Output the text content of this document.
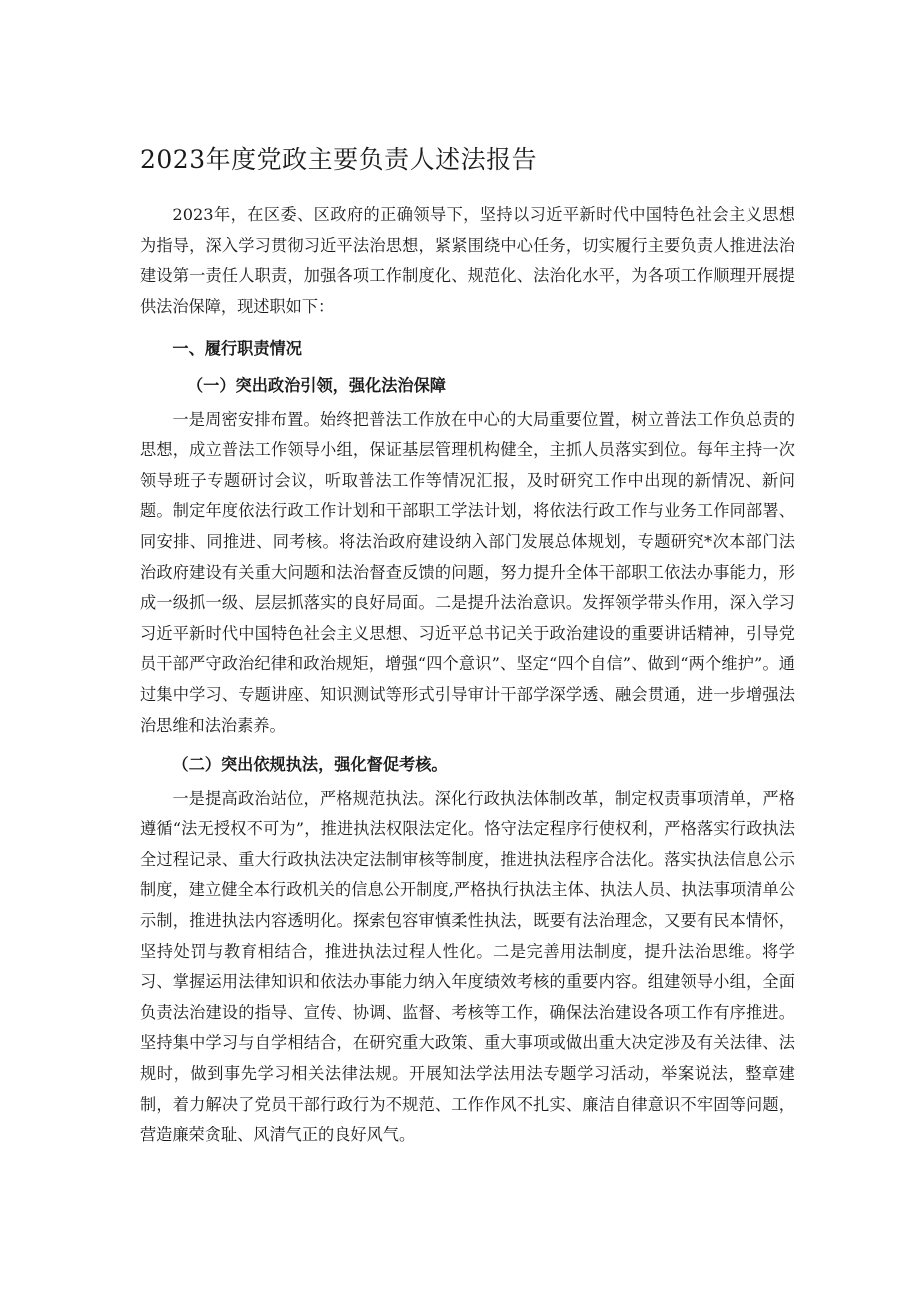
2023年度党政主要负责人述法报告

2023年，在区委、区政府的正确领导下，坚持以习近平新时代中国特色社会主义思想为指导，深入学习贯彻习近平法治思想，紧紧围绕中心任务，切实履行主要负责人推进法治建设第一责任人职责，加强各项工作制度化、规范化、法治化水平，为各项工作顺理开展提供法治保障，现述职如下：

一、履行职责情况

（一）突出政治引领，强化法治保障

一是周密安排布置。始终把普法工作放在中心的大局重要位置，树立普法工作负总责的思想，成立普法工作领导小组，保证基层管理机构健全，主抓人员落实到位。每年主持一次领导班子专题研讨会议，听取普法工作等情况汇报，及时研究工作中出现的新情况、新问题。制定年度依法行政工作计划和干部职工学法计划，将依法行政工作与业务工作同部署、同安排、同推进、同考核。将法治政府建设纳入部门发展总体规划，专题研究*次本部门法治政府建设有关重大问题和法治督查反馈的问题，努力提升全体干部职工依法办事能力，形成一级抓一级、层层抓落实的良好局面。二是提升法治意识。发挥领学带头作用，深入学习习近平新时代中国特色社会主义思想、习近平总书记关于政治建设的重要讲话精神，引导党员干部严守政治纪律和政治规矩，增强“四个意识”、坚定“四个自信”、做到“两个维护”。通过集中学习、专题讲座、知识测试等形式引导审计干部学深学透、融会贯通，进一步增强法治思维和法治素养。

（二）突出依规执法，强化督促考核。

一是提高政治站位，严格规范执法。深化行政执法体制改革，制定权责事项清单，严格遵循“法无授权不可为”，推进执法权限法定化。恪守法定程序行使权利，严格落实行政执法全过程记录、重大行政执法决定法制审核等制度，推进执法程序合法化。落实执法信息公示制度，建立健全本行政机关的信息公开制度,严格执行执法主体、执法人员、执法事项清单公示制，推进执法内容透明化。探索包容审慎柔性执法，既要有法治理念，又要有民本情怀，坚持处罚与教育相结合，推进执法过程人性化。二是完善用法制度，提升法治思维。将学习、掌握运用法律知识和依法办事能力纳入年度绩效考核的重要内容。组建领导小组，全面负责法治建设的指导、宣传、协调、监督、考核等工作，确保法治建设各项工作有序推进。坚持集中学习与自学相结合，在研究重大政策、重大事项或做出重大决定涉及有关法律、法规时，做到事先学习相关法律法规。开展知法学法用法专题学习活动，举案说法，整章建制，着力解决了党员干部行政行为不规范、工作作风不扎实、廉洁自律意识不牢固等问题，营造廉荣贪耻、风清气正的良好风气。
